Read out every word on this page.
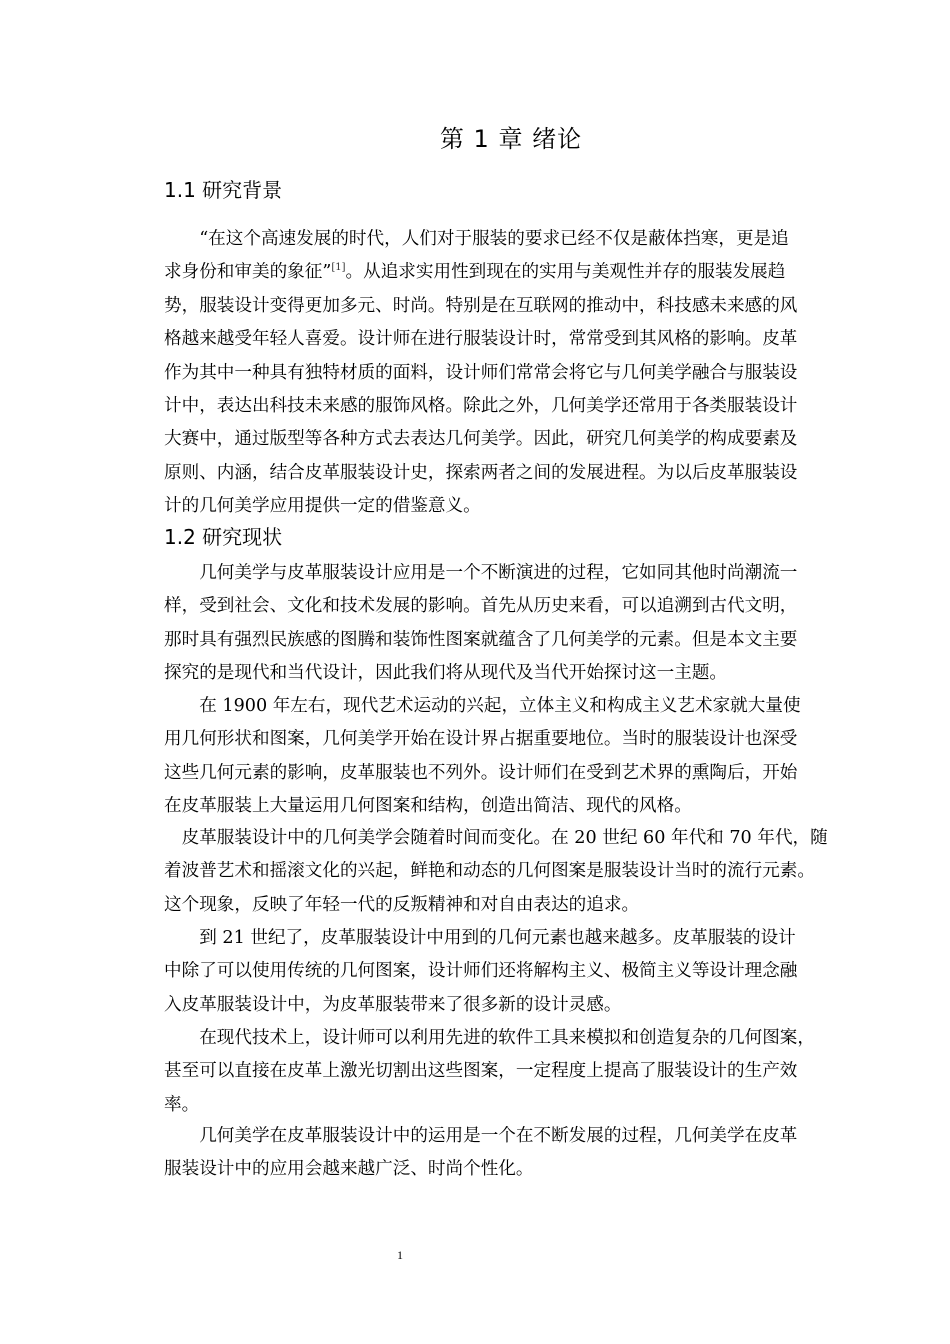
第 1 章 绪论
1.1 研究背景
　　“在这个高速发展的时代，人们对于服装的要求已经不仅是蔽体挡寒，更是追
求身份和审美的象征”[1]。从追求实用性到现在的实用与美观性并存的服装发展趋
势，服装设计变得更加多元、时尚。特别是在互联网的推动中，科技感未来感的风
格越来越受年轻人喜爱。设计师在进行服装设计时，常常受到其风格的影响。皮革
作为其中一种具有独特材质的面料，设计师们常常会将它与几何美学融合与服装设
计中，表达出科技未来感的服饰风格。除此之外，几何美学还常用于各类服装设计
大赛中，通过版型等各种方式去表达几何美学。因此，研究几何美学的构成要素及
原则、内涵，结合皮革服装设计史，探索两者之间的发展进程。为以后皮革服装设
计的几何美学应用提供一定的借鉴意义。
1.2 研究现状
　　几何美学与皮革服装设计应用是一个不断演进的过程，它如同其他时尚潮流一
样，受到社会、文化和技术发展的影响。首先从历史来看，可以追溯到古代文明，
那时具有强烈民族感的图腾和装饰性图案就蕴含了几何美学的元素。但是本文主要
探究的是现代和当代设计，因此我们将从现代及当代开始探讨这一主题。
　　在 1900 年左右，现代艺术运动的兴起，立体主义和构成主义艺术家就大量使
用几何形状和图案，几何美学开始在设计界占据重要地位。当时的服装设计也深受
这些几何元素的影响，皮革服装也不列外。设计师们在受到艺术界的熏陶后，开始
在皮革服装上大量运用几何图案和结构，创造出简洁、现代的风格。
　皮革服装设计中的几何美学会随着时间而变化。在 20 世纪 60 年代和 70 年代，随
着波普艺术和摇滚文化的兴起，鲜艳和动态的几何图案是服装设计当时的流行元素。
这个现象，反映了年轻一代的反叛精神和对自由表达的追求。
　　到 21 世纪了，皮革服装设计中用到的几何元素也越来越多。皮革服装的设计
中除了可以使用传统的几何图案，设计师们还将解构主义、极简主义等设计理念融
入皮革服装设计中，为皮革服装带来了很多新的设计灵感。
　　在现代技术上，设计师可以利用先进的软件工具来模拟和创造复杂的几何图案，
甚至可以直接在皮革上激光切割出这些图案，一定程度上提高了服装设计的生产效
率。
　　几何美学在皮革服装设计中的运用是一个在不断发展的过程，几何美学在皮革
服装设计中的应用会越来越广泛、时尚个性化。
1
